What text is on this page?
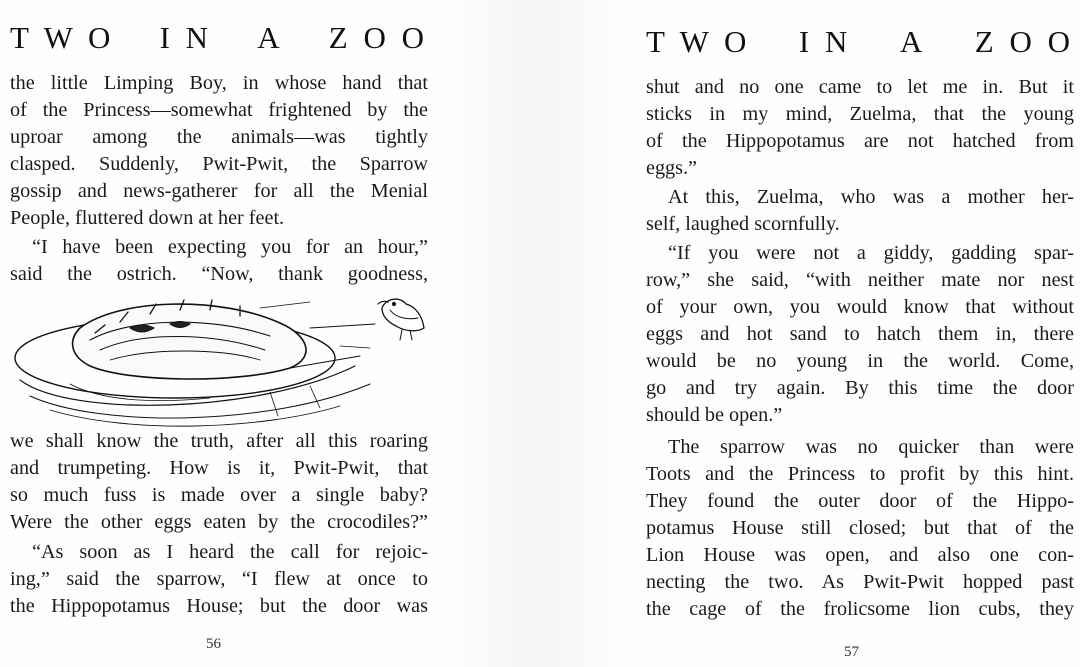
T W O I N A Z O O
the little Limping Boy, in whose hand that
of the Princess—somewhat frightened by the
uproar among the animals—was tightly
clasped. Suddenly, Pwit-Pwit, the Sparrow
gossip and news-gatherer for all the Menial
People, fluttered down at her feet.
“I have been expecting you for an hour,”
said the ostrich. “Now, thank goodness,
we shall know the truth, after all this roaring
and trumpeting. How is it, Pwit-Pwit, that
so much fuss is made over a single baby?
Were the other eggs eaten by the crocodiles?”
“As soon as I heard the call for rejoic-
ing,” said the sparrow, “I flew at once to
the Hippopotamus House; but the door was
56
T W O I N A Z O O
shut and no one came to let me in. But it
sticks in my mind, Zuelma, that the young
of the Hippopotamus are not hatched from
eggs.”
At this, Zuelma, who was a mother her-
self, laughed scornfully.
“If you were not a giddy, gadding spar-
row,” she said, “with neither mate nor nest
of your own, you would know that without
eggs and hot sand to hatch them in, there
would be no young in the world. Come,
go and try again. By this time the door
should be open.”
The sparrow was no quicker than were
Toots and the Princess to profit by this hint.
They found the outer door of the Hippo-
potamus House still closed; but that of the
Lion House was open, and also one con-
necting the two. As Pwit-Pwit hopped past
the cage of the frolicsome lion cubs, they
57
